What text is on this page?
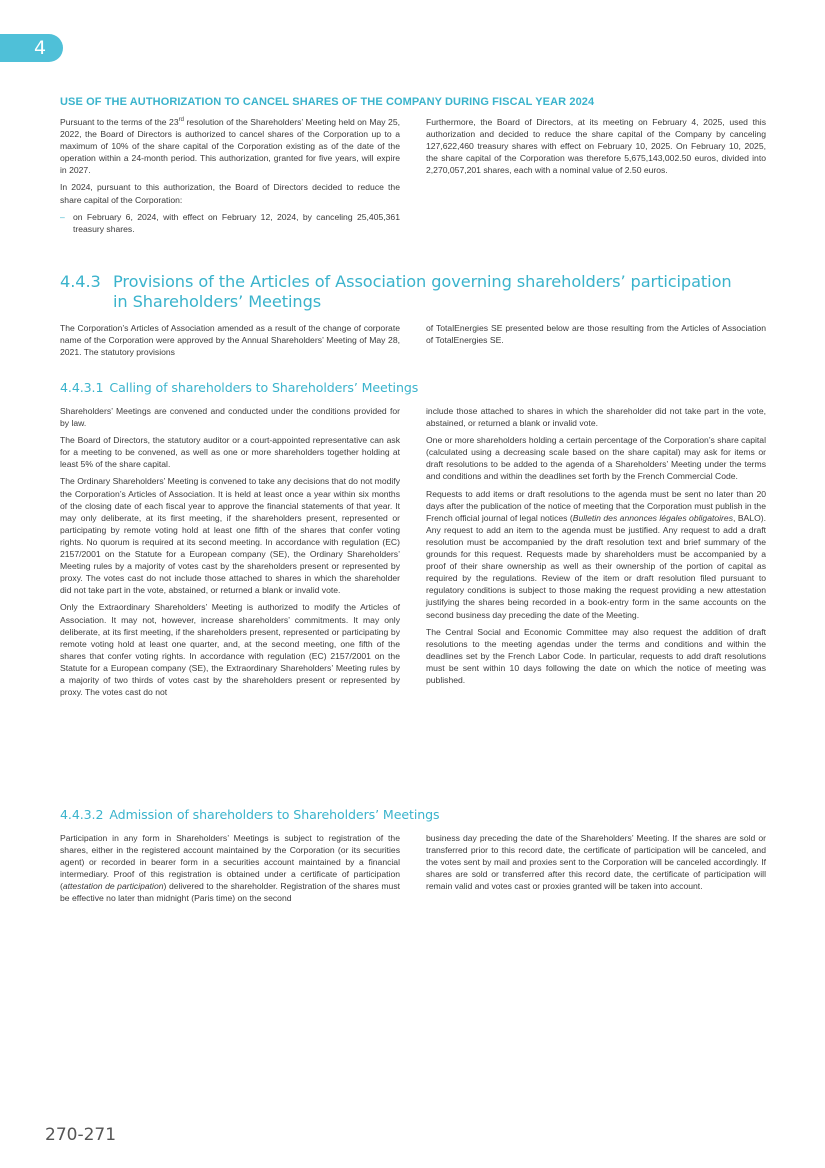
4
USE OF THE AUTHORIZATION TO CANCEL SHARES OF THE COMPANY DURING FISCAL YEAR 2024

Pursuant to the terms of the 23rd resolution of the Shareholders’ Meeting held on May 25, 2022, the Board of Directors is authorized to cancel shares of the Corporation up to a maximum of 10% of the share capital of the Corporation existing as of the date of the operation within a 24-month period. This authorization, granted for five years, will expire in 2027.

In 2024, pursuant to this authorization, the Board of Directors decided to reduce the share capital of the Corporation:

– on February 6, 2024, with effect on February 12, 2024, by canceling 25,405,361 treasury shares.

Furthermore, the Board of Directors, at its meeting on February 4, 2025, used this authorization and decided to reduce the share capital of the Company by canceling 127,622,460 treasury shares with effect on February 10, 2025. On February 10, 2025, the share capital of the Corporation was therefore 5,675,143,002.50 euros, divided into 2,270,057,201 shares, each with a nominal value of 2.50 euros.

4.4.3 Provisions of the Articles of Association governing shareholders’ participation
in Shareholders’ Meetings

The Corporation’s Articles of Association amended as a result of the change of corporate name of the Corporation were approved by the Annual Shareholders’ Meeting of May 28, 2021. The statutory provisions

of TotalEnergies SE presented below are those resulting from the Articles of Association of TotalEnergies SE.

4.4.3.1 Calling of shareholders to Shareholders’ Meetings

Shareholders’ Meetings are convened and conducted under the conditions provided for by law.

The Board of Directors, the statutory auditor or a court-appointed representative can ask for a meeting to be convened, as well as one or more shareholders together holding at least 5% of the share capital.

The Ordinary Shareholders’ Meeting is convened to take any decisions that do not modify the Corporation’s Articles of Association. It is held at least once a year within six months of the closing date of each fiscal year to approve the financial statements of that year. It may only deliberate, at its first meeting, if the shareholders present, represented or participating by remote voting hold at least one fifth of the shares that confer voting rights. No quorum is required at its second meeting. In accordance with regulation (EC) 2157/2001 on the Statute for a European company (SE), the Ordinary Shareholders’ Meeting rules by a majority of votes cast by the shareholders present or represented by proxy. The votes cast do not include those attached to shares in which the shareholder did not take part in the vote, abstained, or returned a blank or invalid vote.

Only the Extraordinary Shareholders’ Meeting is authorized to modify the Articles of Association. It may not, however, increase shareholders’ commitments. It may only deliberate, at its first meeting, if the shareholders present, represented or participating by remote voting hold at least one quarter, and, at the second meeting, one fifth of the shares that confer voting rights. In accordance with regulation (EC) 2157/2001 on the Statute for a European company (SE), the Extraordinary Shareholders’ Meeting rules by a majority of two thirds of votes cast by the shareholders present or represented by proxy. The votes cast do not

include those attached to shares in which the shareholder did not take part in the vote, abstained, or returned a blank or invalid vote.

One or more shareholders holding a certain percentage of the Corporation’s share capital (calculated using a decreasing scale based on the share capital) may ask for items or draft resolutions to be added to the agenda of a Shareholders’ Meeting under the terms and conditions and within the deadlines set forth by the French Commercial Code.

Requests to add items or draft resolutions to the agenda must be sent no later than 20 days after the publication of the notice of meeting that the Corporation must publish in the French official journal of legal notices (Bulletin des annonces légales obligatoires, BALO). Any request to add an item to the agenda must be justified. Any request to add a draft resolution must be accompanied by the draft resolution text and brief summary of the grounds for this request. Requests made by shareholders must be accompanied by a proof of their share ownership as well as their ownership of the portion of capital as required by the regulations. Review of the item or draft resolution filed pursuant to regulatory conditions is subject to those making the request providing a new attestation justifying the shares being recorded in a book-entry form in the same accounts on the second business day preceding the date of the Meeting.

The Central Social and Economic Committee may also request the addition of draft resolutions to the meeting agendas under the terms and conditions and within the deadlines set by the French Labor Code. In particular, requests to add draft resolutions must be sent within 10 days following the date on which the notice of meeting was published.

4.4.3.2 Admission of shareholders to Shareholders’ Meetings

Participation in any form in Shareholders’ Meetings is subject to registration of the shares, either in the registered account maintained by the Corporation (or its securities agent) or recorded in bearer form in a securities account maintained by a financial intermediary. Proof of this registration is obtained under a certificate of participation (attestation de participation) delivered to the shareholder. Registration of the shares must be effective no later than midnight (Paris time) on the second

business day preceding the date of the Shareholders’ Meeting. If the shares are sold or transferred prior to this record date, the certificate of participation will be canceled, and the votes sent by mail and proxies sent to the Corporation will be canceled accordingly. If shares are sold or transferred after this record date, the certificate of participation will remain valid and votes cast or proxies granted will be taken into account.

270-271
